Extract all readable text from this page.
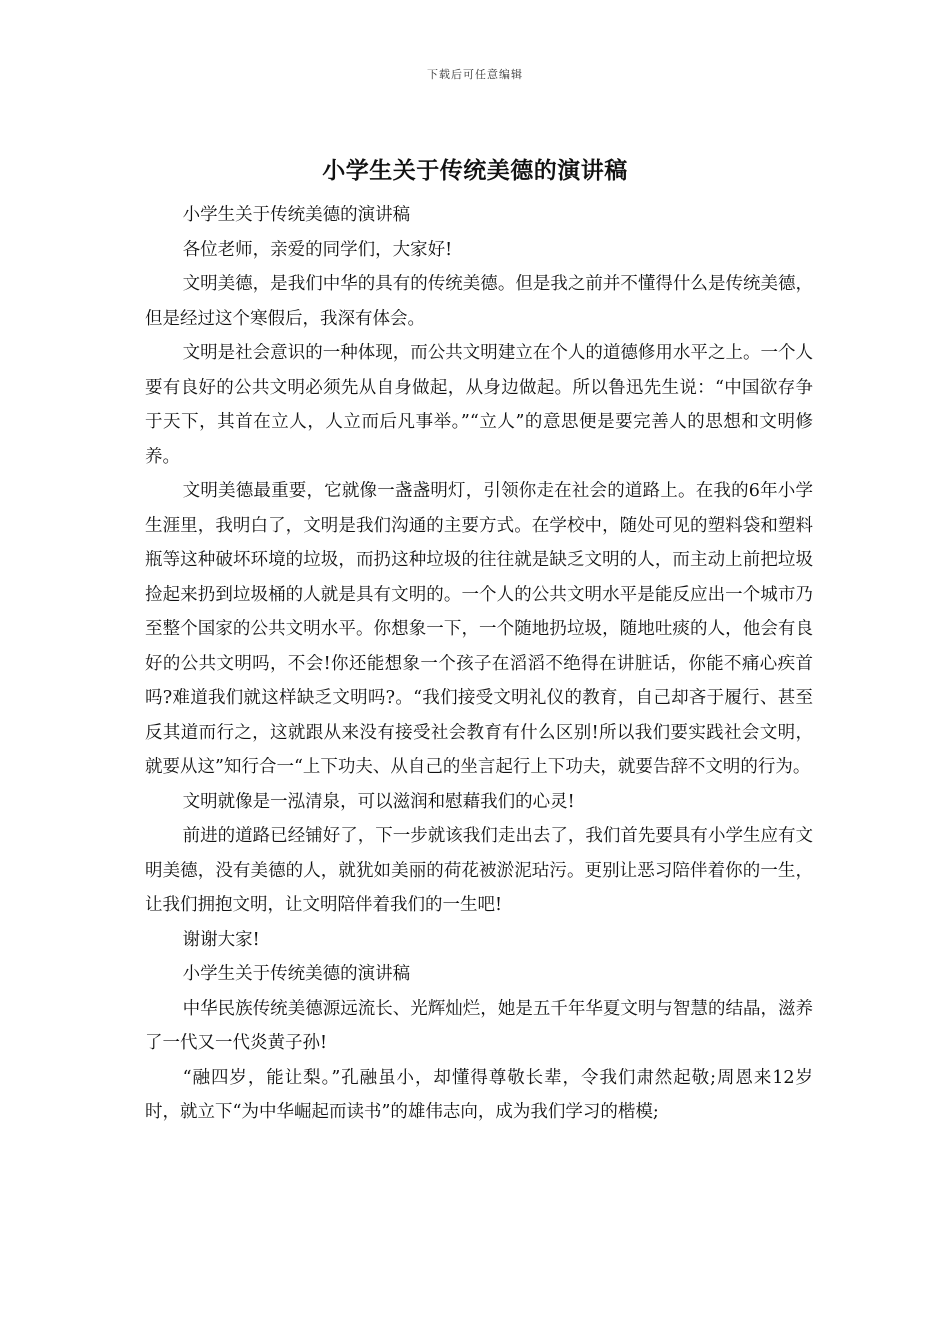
下载后可任意编辑
小学生关于传统美德的演讲稿

小学生关于传统美德的演讲稿

各位老师，亲爱的同学们，大家好!

文明美德，是我们中华的具有的传统美德。但是我之前并不懂得什么是传统美德，但是经过这个寒假后，我深有体会。

文明是社会意识的一种体现，而公共文明建立在个人的道德修用水平之上。一个人要有良好的公共文明必须先从自身做起，从身边做起。所以鲁迅先生说：“中国欲存争于天下，其首在立人，人立而后凡事举。”“立人”的意思便是要完善人的思想和文明修养。

文明美德最重要，它就像一盏盏明灯，引领你走在社会的道路上。在我的6年小学生涯里，我明白了，文明是我们沟通的主要方式。在学校中，随处可见的塑料袋和塑料瓶等这种破坏环境的垃圾，而扔这种垃圾的往往就是缺乏文明的人，而主动上前把垃圾捡起来扔到垃圾桶的人就是具有文明的。一个人的公共文明水平是能反应出一个城市乃至整个国家的公共文明水平。你想象一下，一个随地扔垃圾，随地吐痰的人，他会有良好的公共文明吗，不会!你还能想象一个孩子在滔滔不绝得在讲脏话，你能不痛心疾首吗?难道我们就这样缺乏文明吗?。“我们接受文明礼仪的教育，自己却吝于履行、甚至反其道而行之，这就跟从来没有接受社会教育有什么区别!所以我们要实践社会文明，就要从这”知行合一“上下功夫、从自己的坐言起行上下功夫，就要告辞不文明的行为。

文明就像是一泓清泉，可以滋润和慰藉我们的心灵!

前进的道路已经铺好了，下一步就该我们走出去了，我们首先要具有小学生应有文明美德，没有美德的人，就犹如美丽的荷花被淤泥玷污。更别让恶习陪伴着你的一生，让我们拥抱文明，让文明陪伴着我们的一生吧!

谢谢大家!

小学生关于传统美德的演讲稿

中华民族传统美德源远流长、光辉灿烂，她是五千年华夏文明与智慧的结晶，滋养了一代又一代炎黄子孙!

“融四岁，能让梨。”孔融虽小，却懂得尊敬长辈，令我们肃然起敬;周恩来12岁时，就立下“为中华崛起而读书”的雄伟志向，成为我们学习的楷模;
